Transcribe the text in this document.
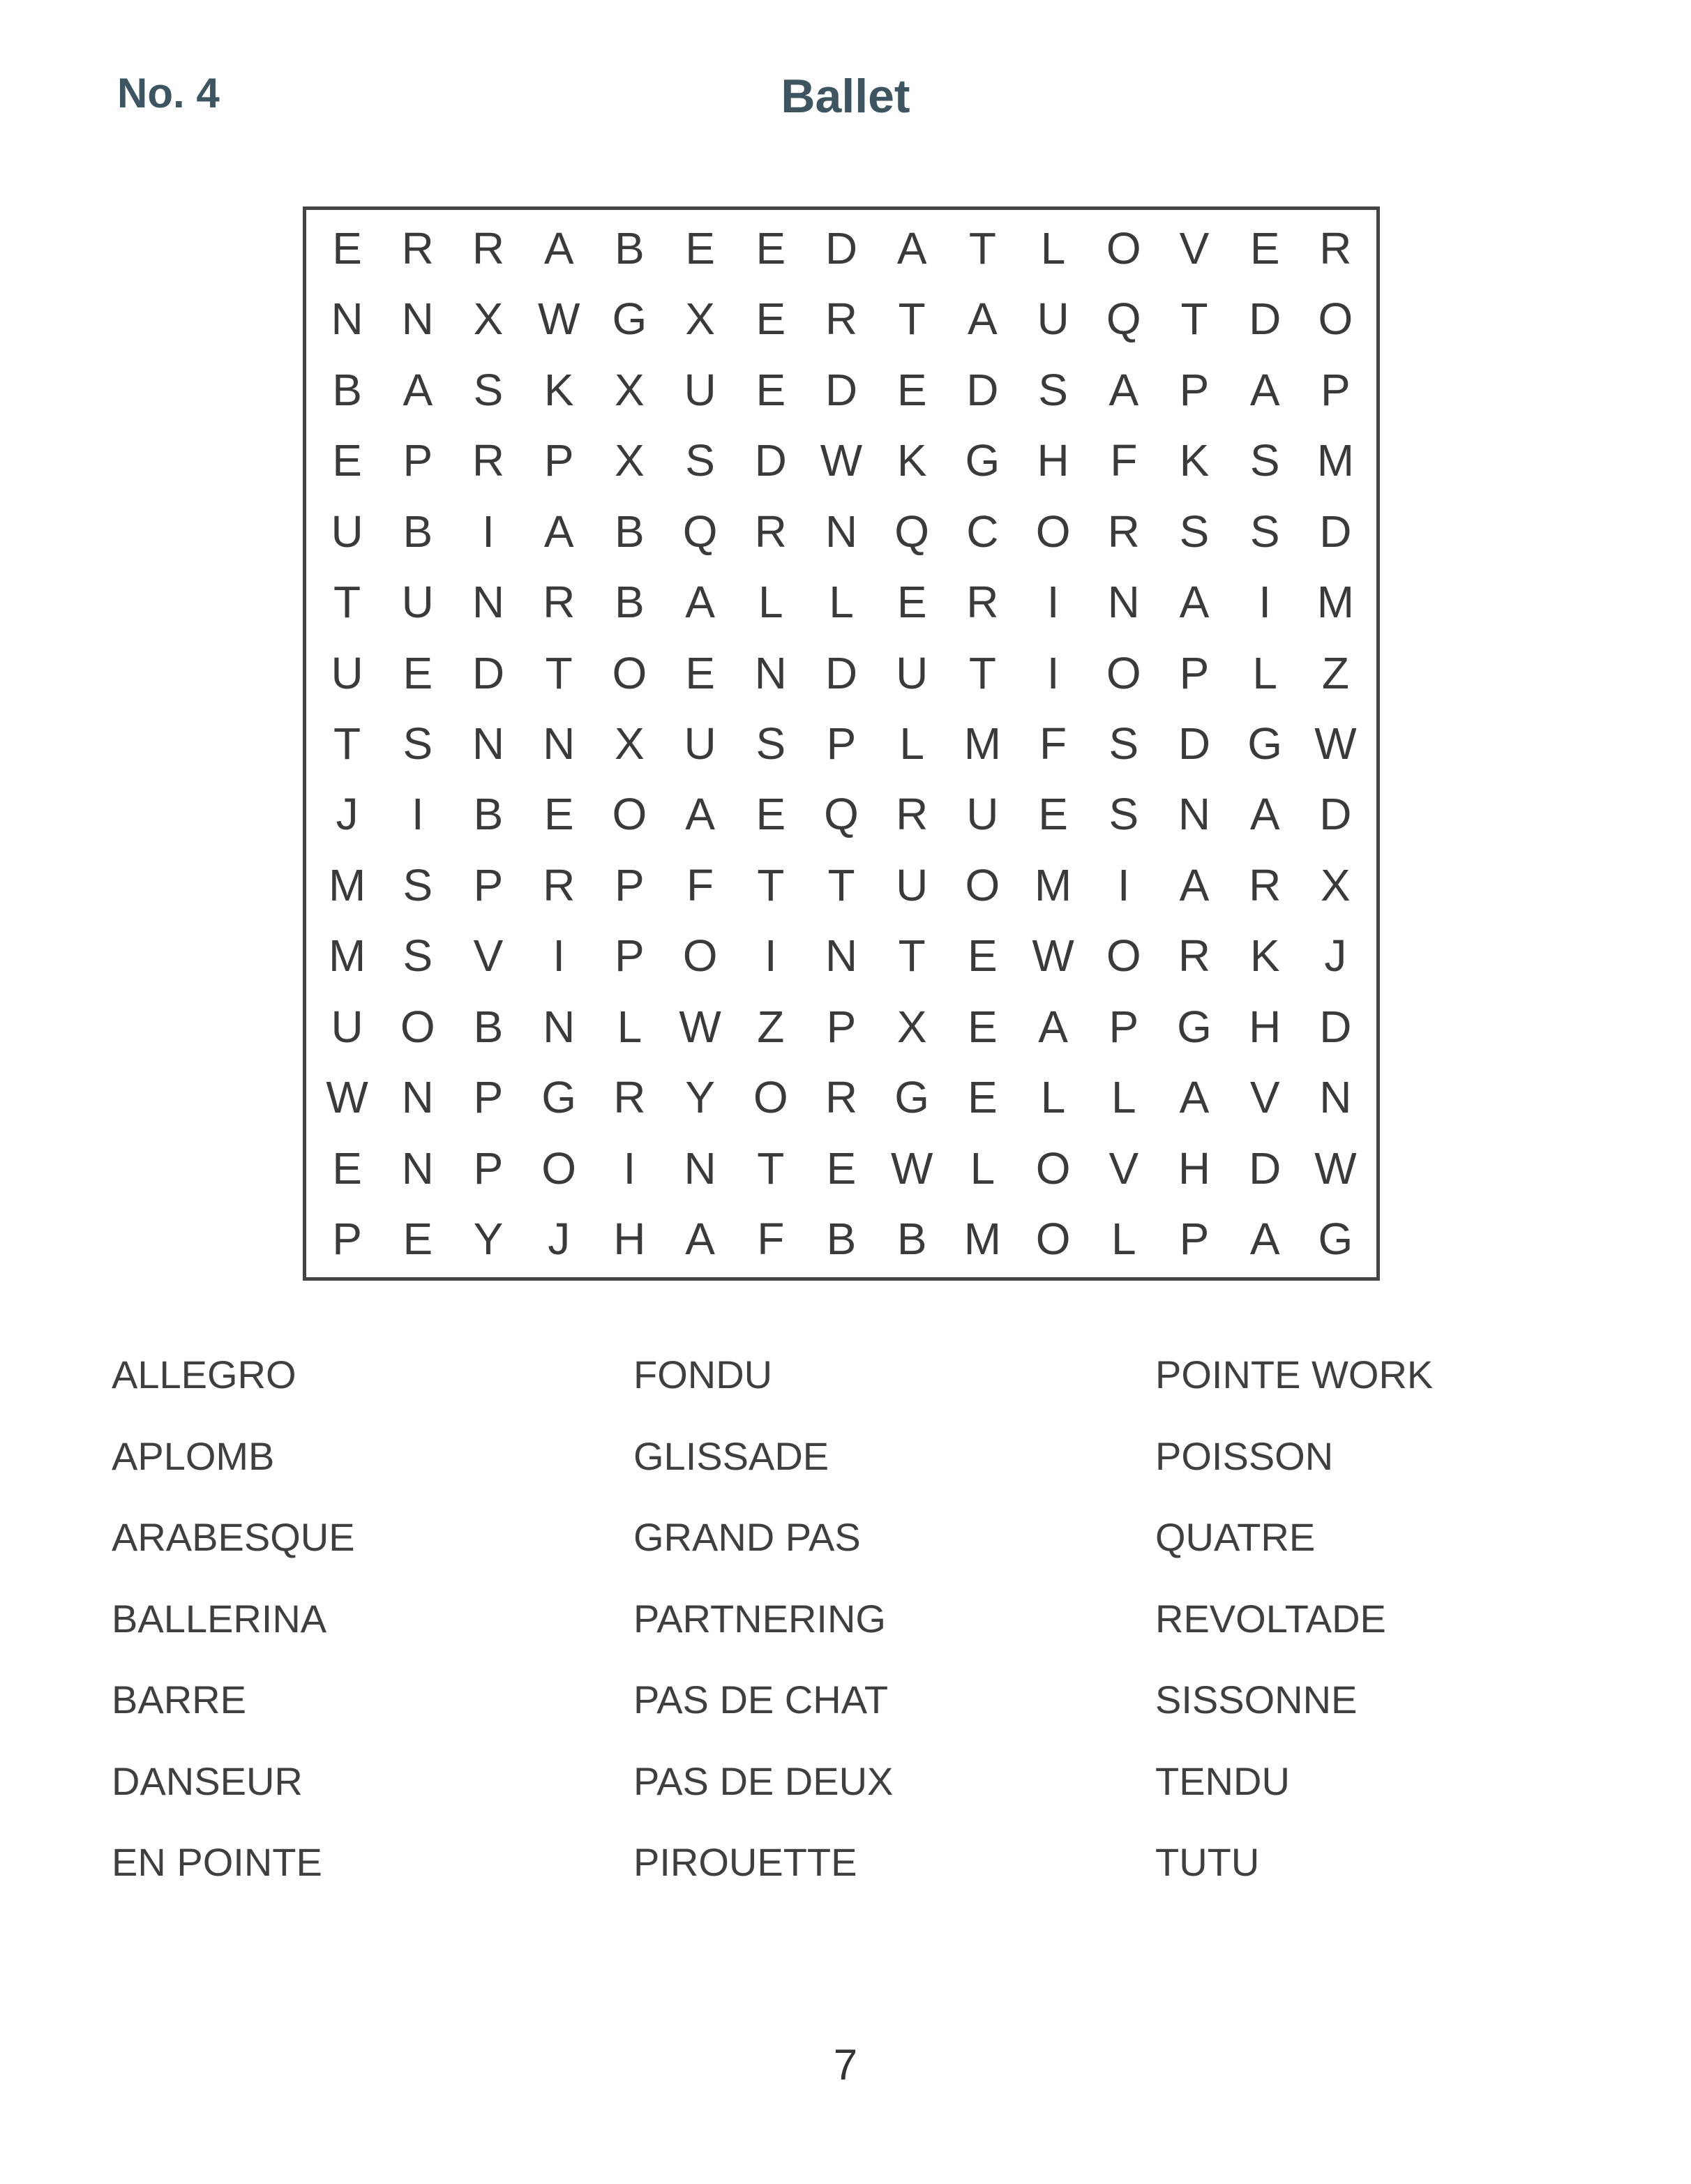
No. 4	Ballet
E R R A B E E D A T L O V E R
N N X W G X E R T A U Q T D O
B A S K X U E D E D S A P A P
E P R P X S D W K G H F K S M
U B	I	A B Q R N Q C O R S S D
T U N R B A L	L E R	I	N A	I	M
U E D T O E N D U T	I	O P L Z
T S N N X U S P L M F S D G W
J	I	B E O A E Q R U E S N A D
M S P R P F T T U O M	I	A R X
M S V	I	P O	I	N T E W O R K J
U O B N L W Z P X E A P G H D
W N P G R Y O R G E L	L A V N
E N P O	I	N T E W L O V H D W
P E Y J H A F B B M O L P A G
ALLEGRO
APLOMB
ARABESQUE
BALLERINA
BARRE
DANSEUR
EN POINTE
FONDU
GLISSADE
GRAND PAS
PARTNERING
PAS DE CHAT
PAS DE DEUX
PIROUETTE
POINTE WORK
POISSON
QUATRE
REVOLTADE
SISSONNE
TENDU
TUTU
7
